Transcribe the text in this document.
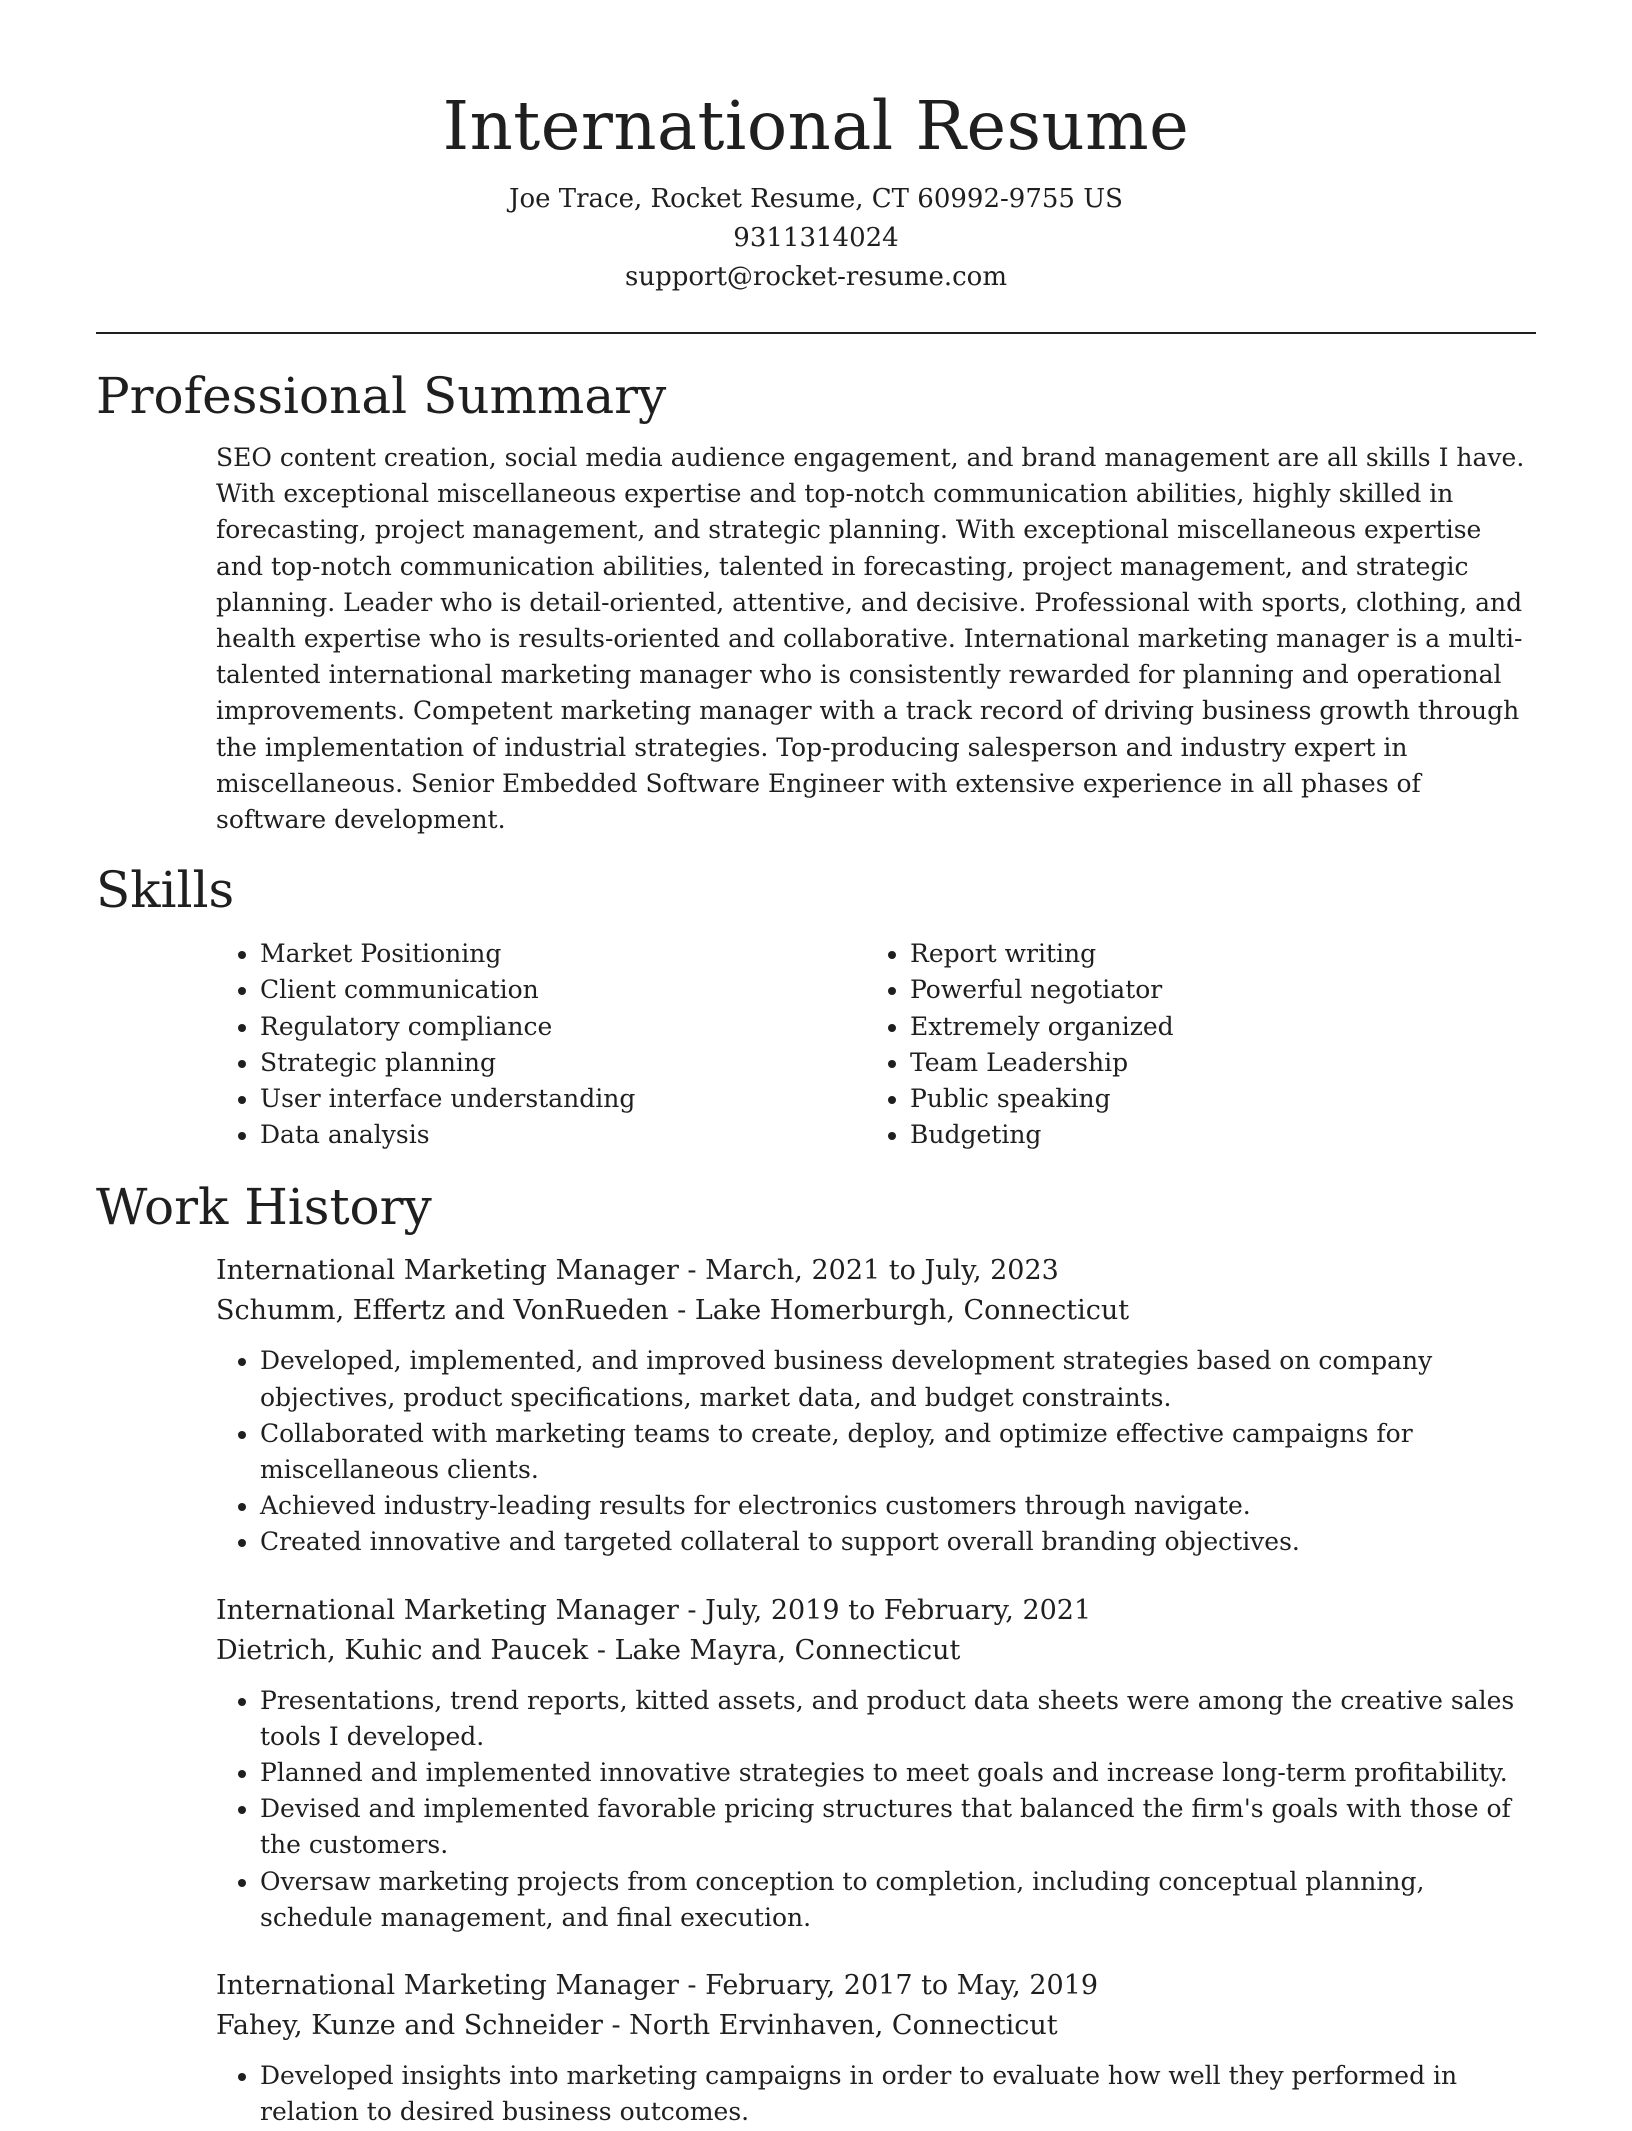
International Resume

Joe Trace, Rocket Resume, CT 60992-9755 US

9311314024

support@rocket-resume.com

Professional Summary

SEO content creation, social media audience engagement, and brand management are all skills I have. With exceptional miscellaneous expertise and top-notch communication abilities, highly skilled in forecasting, project management, and strategic planning. With exceptional miscellaneous expertise and top-notch communication abilities, talented in forecasting, project management, and strategic planning. Leader who is detail-oriented, attentive, and decisive. Professional with sports, clothing, and health expertise who is results-oriented and collaborative. International marketing manager is a multi-talented international marketing manager who is consistently rewarded for planning and operational improvements. Competent marketing manager with a track record of driving business growth through the implementation of industrial strategies. Top-producing salesperson and industry expert in miscellaneous. Senior Embedded Software Engineer with extensive experience in all phases of software development.

Skills
• Market Positioning
• Client communication
• Regulatory compliance
• Strategic planning
• User interface understanding
• Data analysis
• Report writing
• Powerful negotiator
• Extremely organized
• Team Leadership
• Public speaking
• Budgeting
Work History

International Marketing Manager - March, 2021 to July, 2023

Schumm, Effertz and VonRueden - Lake Homerburgh, Connecticut

• Developed, implemented, and improved business development strategies based on company objectives, product specifications, market data, and budget constraints.
• Collaborated with marketing teams to create, deploy, and optimize effective campaigns for miscellaneous clients.
• Achieved industry-leading results for electronics customers through navigate.
• Created innovative and targeted collateral to support overall branding objectives.

International Marketing Manager - July, 2019 to February, 2021

Dietrich, Kuhic and Paucek - Lake Mayra, Connecticut

• Presentations, trend reports, kitted assets, and product data sheets were among the creative sales tools I developed.
• Planned and implemented innovative strategies to meet goals and increase long-term profitability.
• Devised and implemented favorable pricing structures that balanced the firm's goals with those of the customers.
• Oversaw marketing projects from conception to completion, including conceptual planning, schedule management, and final execution.

International Marketing Manager - February, 2017 to May, 2019

Fahey, Kunze and Schneider - North Ervinhaven, Connecticut

• Developed insights into marketing campaigns in order to evaluate how well they performed in relation to desired business outcomes.
